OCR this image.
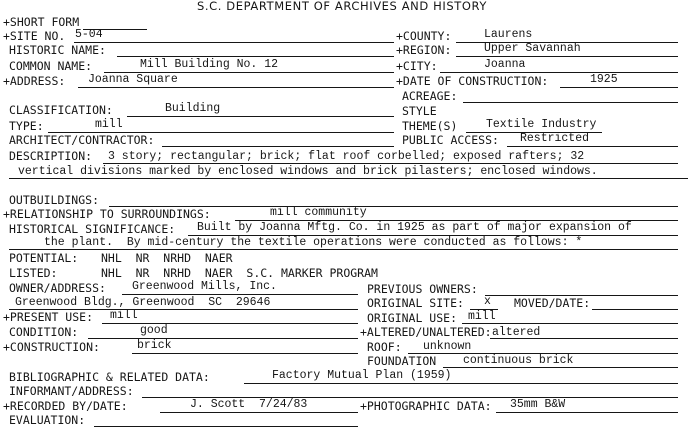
S.C. DEPARTMENT OF ARCHIVES AND HISTORY
+SHORT FORM
+SITE NO. 5-04	+COUNTY:	Laurens
HISTORIC NAME:	+REGION:	Upper Savannah
COMMON NAME:	Mill Building No. 12	+CITY:	Joanna
+ADDRESS: Joanna Square	+DATE OF CONSTRUCTION:	1925
ACREAGE:
CLASSIFICATION:	Building	STYLE
TYPE:	mill	THEME(S) Textile Industry
ARCHITECT/CONTRACTOR:	PUBLIC ACCESS: Restricted
DESCRIPTION: 3 story; rectangular; brick; flat roof corbelled; exposed rafters; 32
vertical divisions marked by enclosed windows and brick pilasters; enclosed windows.
OUTBUILDINGS:
+RELATIONSHIP TO SURROUNDINGS:	mill community
HISTORICAL SIGNIFICANCE: Built by Joanna Mftg. Co. in 1925 as part of major expansion of
the plant.  By mid-century the textile operations were conducted as follows: *
POTENTIAL: NHL  NR  NRHD  NAER
LISTED:	NHL  NR  NRHD  NAER  S.C. MARKER PROGRAM
OWNER/ADDRESS: Greenwood Mills, Inc.	PREVIOUS OWNERS:
Greenwood Bldg., Greenwood  SC  29646	ORIGINAL SITE: x MOVED/DATE:
+PRESENT USE: mill	ORIGINAL USE: mill
CONDITION:	good	+ALTERED/UNALTERED: altered
+CONSTRUCTION:	brick	ROOF: unknown
FOUNDATION continuous brick
BIBLIOGRAPHIC & RELATED DATA:	Factory Mutual Plan (1959)
INFORMANT/ADDRESS:
+RECORDED BY/DATE:	J. Scott  7/24/83	+PHOTOGRAPHIC DATA: 35mm B&W
EVALUATION:
